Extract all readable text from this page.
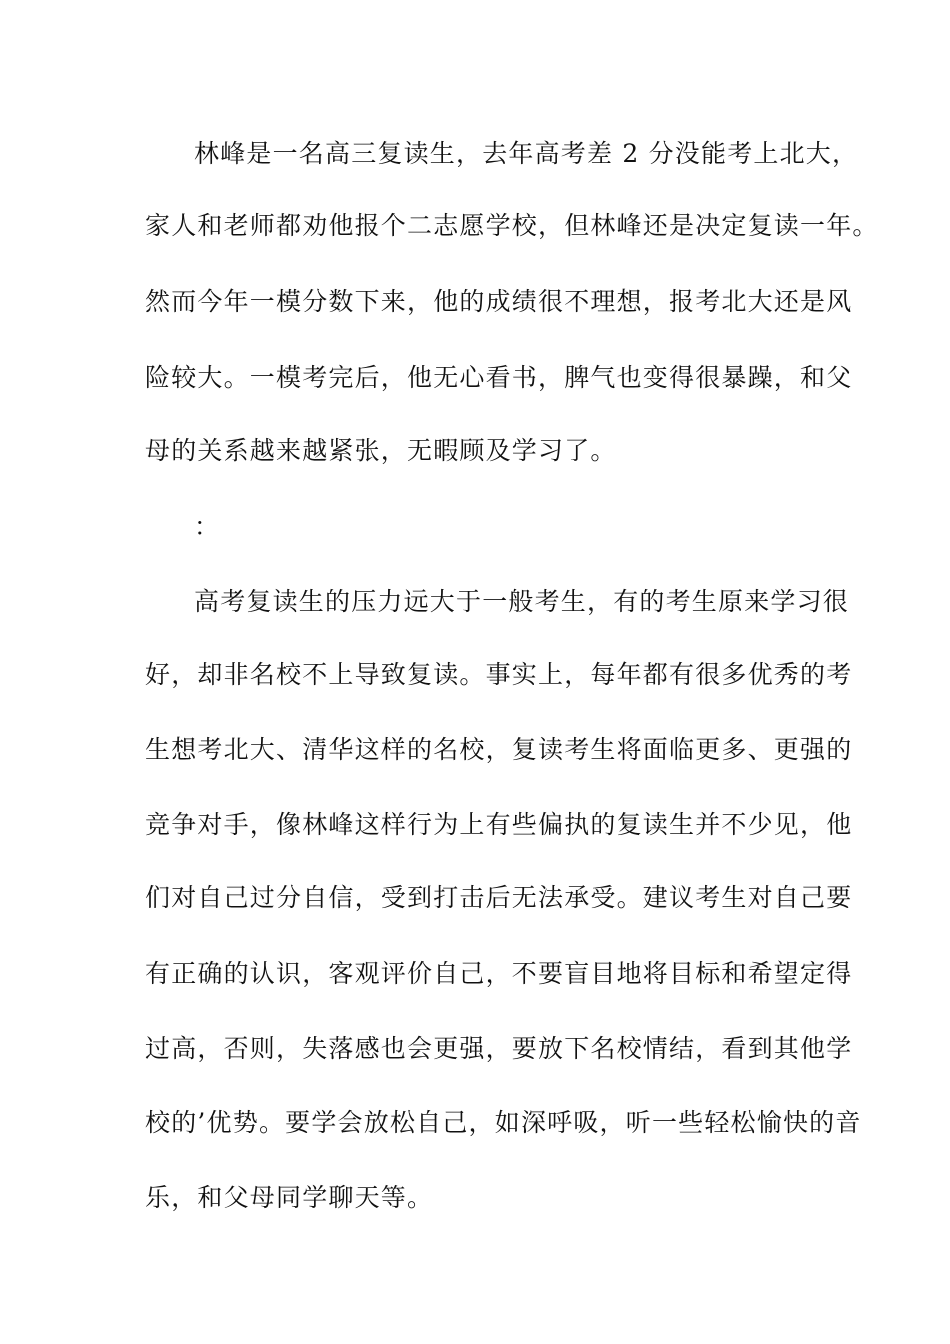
林峰是一名高三复读生，去年高考差 2 分没能考上北大，
家人和老师都劝他报个二志愿学校，但林峰还是决定复读一年。
然而今年一模分数下来，他的成绩很不理想，报考北大还是风
险较大。一模考完后，他无心看书，脾气也变得很暴躁，和父
母的关系越来越紧张，无暇顾及学习了。
：
高考复读生的压力远大于一般考生，有的考生原来学习很
好，却非名校不上导致复读。事实上，每年都有很多优秀的考
生想考北大、清华这样的名校，复读考生将面临更多、更强的
竞争对手，像林峰这样行为上有些偏执的复读生并不少见，他
们对自己过分自信，受到打击后无法承受。建议考生对自己要
有正确的认识，客观评价自己，不要盲目地将目标和希望定得
过高，否则，失落感也会更强，要放下名校情结，看到其他学
校的’优势。要学会放松自己，如深呼吸，听一些轻松愉快的音
乐，和父母同学聊天等。
